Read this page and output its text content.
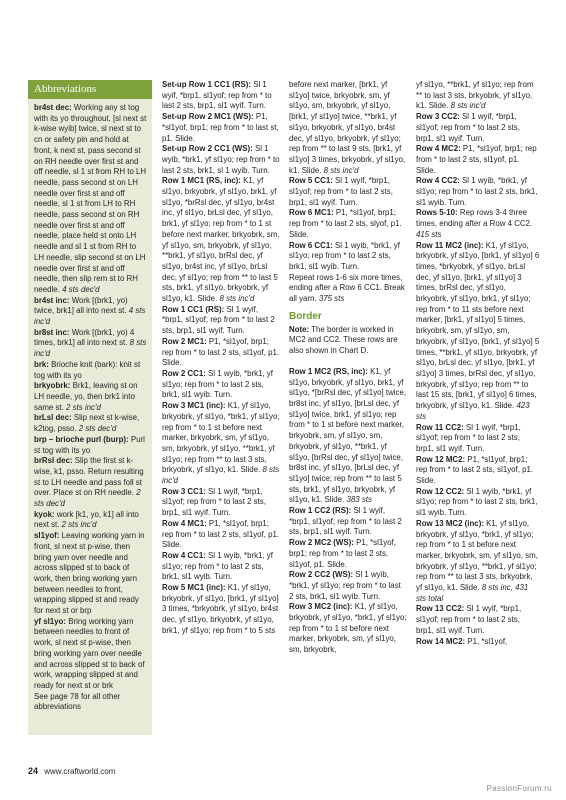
Abbreviations
br4st dec: Working any st tog with its yo throughout, [sl next st k-wise wyib] twice, sl next st to cn or safety pin and hold at front, k next st, pass second st on RH needle over first st and off needle, sl 1 st from RH to LH needle, pass second st on LH needle over first st and off needle, sl 1 st from LH to RH needle, pass second st on RH needle over first st and off needle, place held st onto LH needle and sl 1 st from RH to LH needle, slip second st on LH needle over first st and off needle, then slip rem st to RH needle. 4 sts dec'd
br4st inc: Work [(brk1, yo) twice, brk1] all into next st. 4 sts inc'd
br8st inc: Work [(brk1, yo) 4 times, brk1] all into next st. 8 sts inc'd
brk: Brioche knit (bark): knit st tog with its yo
brkyobrk: Brk1, leaving st on LH needle, yo, then brk1 into same st. 2 sts inc'd
brLsl dec: Slip next st k-wise, k2tog, psso. 2 sts dec'd
brp – brioche purl (burp): Purl st tog with its yo
brRsl dec: Slip the first st k-wise, k1, psso. Return resulting st to LH needle and pass foll st over. Place st on RH needle. 2 sts dec'd
kyok: work [k1, yo, k1] all into next st. 2 sts inc'd
sl1yof: Leaving working yarn in front, sl next st p-wise, then bring yarn over needle and across slipped st to back of work, then bring working yarn between needles to front, wrapping slipped st and ready for next st or brp
yf sl1yo: Bring working yarn between needles to front of work, sl next st p-wise, then bring working yarn over needle and across slipped st to back of work, wrapping slipped st and ready for next st or brk
See page 78 for all other abbreviations
Set-up Row 1 CC1 (RS): Sl 1 wyif, *brp1, sl1yof; rep from * to last 2 sts, brp1, sl1 wyif. Turn.
Set-up Row 2 MC1 (WS): P1, *sl1yof, brp1; rep from * to last st, p1. Slide.
Set-up Row 2 CC1 (WS): Sl 1 wyib, *brk1, yf sl1yo; rep from * to last 2 sts, brk1, sl 1 wyib. Turn.
Row 1 MC1 (RS, inc): K1, yf sl1yo, brkyobrk, yf sl1yo, brk1, yf sl1yo, *brRsl dec, yf sl1yo, br4st inc, yf sl1yo, brLsl dec, yf sl1yo, brk1, yf sl1yo; rep from * to 1 st before next marker, brkyobrk, sm, yf sl1yo, sm, brkyobrk, yf sl1yo, **brk1, yf sl1yo, brRsl dec, yf sl1yo, br4st inc, yf sl1yo, brLsl dec, yf sl1yo; rep from ** to last 5 sts, brk1, yf sl1yo, brkyobrk, yf sl1yo, k1. Slide. 8 sts inc'd
Row 1 CC1 (RS): Sl 1 wyif, *brp1, sl1yof; rep from * to last 2 sts, brp1, sl1 wyif. Turn.
Row 2 MC1: P1, *sl1yof, brp1; rep from * to last 2 sts, sl1yof, p1. Slide.
Row 2 CC1: Sl 1 wyib, *brk1, yf sl1yo; rep from * to last 2 sts, brk1, sl1 wyib. Turn.
Row 3 MC1 (inc): K1, yf sl1yo, brkyobrk, yf sl1yo, *brk1, yf sl1yo; rep from * to 1 st before next marker, brkyobrk, sm, yf sl1yo, sm, brkyobrk, yf sl1yo, **brk1, yf sl1yo; rep from ** to last 3 sts, brkyobrk, yf sl1yo, k1. Slide. 8 sts inc'd
Row 3 CC1: Sl 1 wyif, *brp1, sl1yof; rep from * to last 2 sts, brp1, sl1 wyif. Turn.
Row 4 MC1: P1, *sl1yof, brp1; rep from * to last 2 sts, sl1yof, p1. Slide.
Row 4 CC1: Sl 1 wyib, *brk1, yf sl1yo; rep from * to last 2 sts, brk1, sl1 wyib. Turn.
Row 5 MC1 (inc): K1, yf sl1yo, brkyobrk, yf sl1yo, [brk1, yf sl1yo] 3 times, *brkyobrk, yf sl1yo, br4st dec, yf sl1yo, brkyobrk, yf sl1yo, brk1, yf sl1yo; rep from * to 5 sts
before next marker, [brk1, yf sl1yo] twice, brkyobrk, sm, yf sl1yo, sm, brkyobrk, yf sl1yo, [brk1, yf sl1yo] twice, **brk1, yf sl1yo, brkyobrk, yf sl1yo, br4st dec, yf sl1yo, brkyobrk, yf sl1yo; rep from ** to last 9 sts, [brk1, yf sl1yo] 3 times, brkyobrk, yf sl1yo, k1. Slide. 8 sts inc'd
Row 5 CC1: Sl 1 wyif, *brp1, sl1yof; rep from * to last 2 sts, brp1, sl1 wyif. Turn.
Row 6 MC1: P1, *sl1yof, brp1; rep from * to last 2 sts, slyof, p1. Slide.
Row 6 CC1: Sl 1 wyib, *brk1, yf sl1yo; rep from * to last 2 sts, brk1, sl1 wyib. Turn.
Repeat rows 1-6 six more times, ending after a Row 6 CC1. Break all yarn. 375 sts
Border
Note: The border is worked in MC2 and CC2. These rows are also shown in Chart D.
Row 1 MC2 (RS, inc): K1, yf sl1yo, brkyobrk, yf sl1yo, brk1, yf sl1yo, *[brRsl dec, yf sl1yo] twice, br8st inc, yf sl1yo, [brLsl dec, yf sl1yo] twice, brk1, yf sl1yo; rep from * to 1 st before next marker, brkyobrk, sm, yf sl1yo, sm, brkyobrk, yf sl1yo, **brk1, yf sl1yo, [brRsl dec, yf sl1yo] twice, br8st inc, yf sl1yo, [brLsl dec, yf sl1yo] twice; rep from ** to last 5 sts, brk1, yf sl1yo, brkyobrk, yf sl1yo, k1. Slide. 383 sts
Row 1 CC2 (RS): Sl 1 wyif, *brp1, sl1yof; rep from * to last 2 sts, brp1, sl1 wyif. Turn.
Row 2 MC2 (WS): P1, *sl1yof, brp1; rep from * to last 2 sts, sl1yof, p1. Slide.
Row 2 CC2 (WS): Sl 1 wyib, *brk1, yf sl1yo; rep from * to last 2 sts, brk1, sl1 wyib. Turn.
Row 3 MC2 (inc): K1, yf sl1yo, brkyobrk, yf sl1yo, *brk1, yf sl1yo; rep from * to 1 st before next marker, brkyobrk, sm, yf sl1yo, sm, brkyobrk,
yf sl1yo, **brk1, yf sl1yo; rep from ** to last 3 sts, brkyobrk, yf sl1yo, k1. Slide. 8 sts inc'd
Row 3 CC2: Sl 1 wyif, *brp1, sl1yof; rep from * to last 2 sts, brp1, sl1 wyif. Turn.
Row 4 MC2: P1, *sl1yof, brp1; rep from * to last 2 sts, sl1yof, p1. Slide.
Row 4 CC2: Sl 1 wyib, *brk1, yf sl1yo; rep from * to last 2 sts, brk1, sl1 wyib. Turn.
Rows 5-10: Rep rows 3-4 three times, ending after a Row 4 CC2. 415 sts
Row 11 MC2 (inc): K1, yf sl1yo, brkyobrk, yf sl1yo, [brk1, yf sl1yo] 6 times, *brkyobrk, yf sl1yo, brLsl dec, yf sl1yo, [brk1, yf sl1yo] 3 times, brRsl dec, yf sl1yo, brkyobrk, yf sl1yo, brk1, yf sl1yo; rep from * to 11 sts before next marker, [brk1, yf sl1yo] 5 times, brkyobrk, sm, yf sl1yo, sm, brkyobrk, yf sl1yo, [brk1, yf sl1yo] 5 times, **brk1, yf sl1yo, brkyobrk, yf sl1yo, brLsl dec, yf sl1yo, [brk1, yf sl1yo] 3 times, brRsl dec, yf sl1yo, brkyobrk, yf sl1yo; rep from ** to last 15 sts, [brk1, yf sl1yo] 6 times, brkyobrk, yf sl1yo, k1. Slide. 423 sts
Row 11 CC2: Sl 1 wyif, *brp1, sl1yof; rep from * to last 2 sts, brp1, sl1 wyif. Turn.
Row 12 MC2: P1, *sl1yof, brp1; rep from * to last 2 sts, sl1yof, p1. Slide.
Row 12 CC2: Sl 1 wyib, *brk1, yf sl1yo; rep from * to last 2 sts, brk1, sl1 wyib. Turn.
Row 13 MC2 (inc): K1, yf sl1yo, brkyobrk, yf sl1yo, *brk1, yf sl1yo; rep from * to 1 st before next marker, brkyobrk, sm, yf sl1yo, sm, brkyobrk, yf sl1yo, **brk1, yf sl1yo; rep from ** to last 3 sts, brkyobrk, yf sl1yo, k1. Slide. 8 sts inc, 431 sts total
Row 13 CC2: Sl 1 wyif, *brp1, sl1yof; rep from * to last 2 sts, brp1, sl1 wyif. Turn.
Row 14 MC2: P1, *sl1yof,
24 www.craftworld.com
PassionForum.ru
